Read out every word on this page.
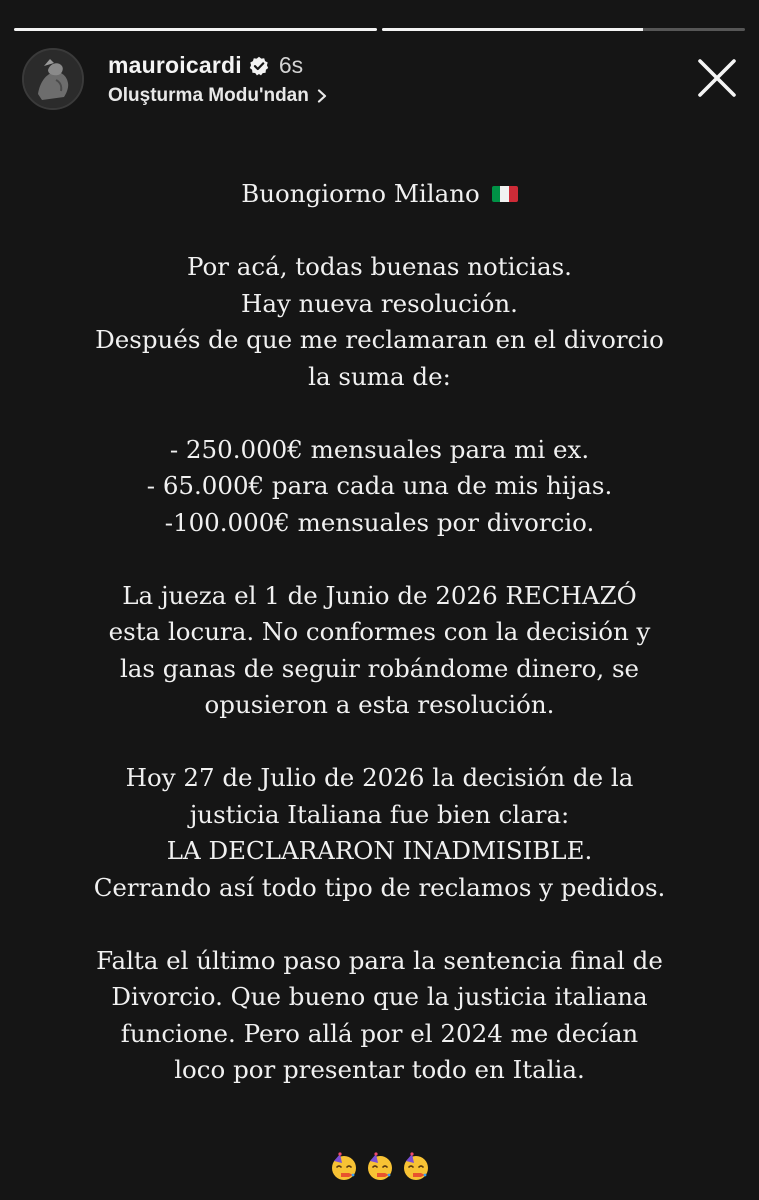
mauroicardi 6s
Oluşturma Modu'ndan
Buongiorno Milano
Por acá, todas buenas noticias.
Hay nueva resolución.
Después de que me reclamaran en el divorcio
la suma de:
- 250.000€ mensuales para mi ex.
- 65.000€ para cada una de mis hijas.
-100.000€ mensuales por divorcio.
La jueza el 1 de Junio de 2026 RECHAZÓ
esta locura. No conformes con la decisión y
las ganas de seguir robándome dinero, se
opusieron a esta resolución.
Hoy 27 de Julio de 2026 la decisión de la
justicia Italiana fue bien clara:
LA DECLARARON INADMISIBLE.
Cerrando así todo tipo de reclamos y pedidos.
Falta el último paso para la sentencia final de
Divorcio. Que bueno que la justicia italiana
funcione. Pero allá por el 2024 me decían
loco por presentar todo en Italia.
